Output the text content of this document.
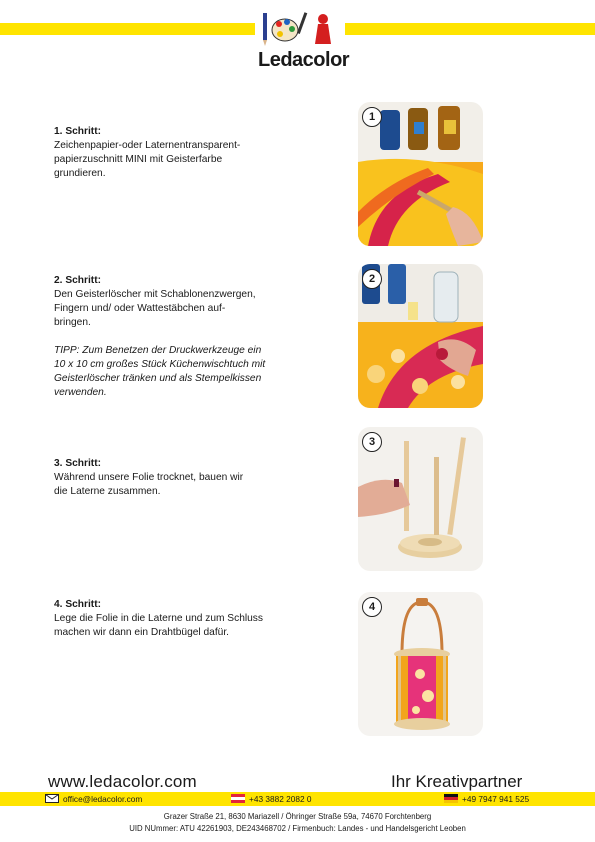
Ledacolor
1. Schritt:
Zeichenpapier-oder Laternentransparent-
papierzuschnitt MINI mit Geisterfarbe
grundieren.
1
2. Schritt:
Den Geisterlöscher mit Schablonenzwergen,
Fingern und/ oder Wattestäbchen auf-
bringen.
TIPP: Zum Benetzen der Druckwerkzeuge ein
10 x 10 cm großes Stück Küchenwischtuch mit
Geisterlöscher tränken und als Stempelkissen
verwenden.
2
3. Schritt:
Während unsere Folie trocknet, bauen wir
die Laterne zusammen.
3
4. Schritt:
Lege die Folie in die Laterne und zum Schluss
machen wir dann ein Drahtbügel dafür.
4
www.ledacolor.com	Ihr Kreativpartner
office@ledacolor.com	+43 3882 2082 0	+49 7947 941 525
Grazer Straße 21, 8630 Mariazell / Öhringer Straße 59a, 74670 Forchtenberg
UID NUmmer: ATU 42261903, DE243468702 / Firmenbuch: Landes - und Handelsgericht Leoben
